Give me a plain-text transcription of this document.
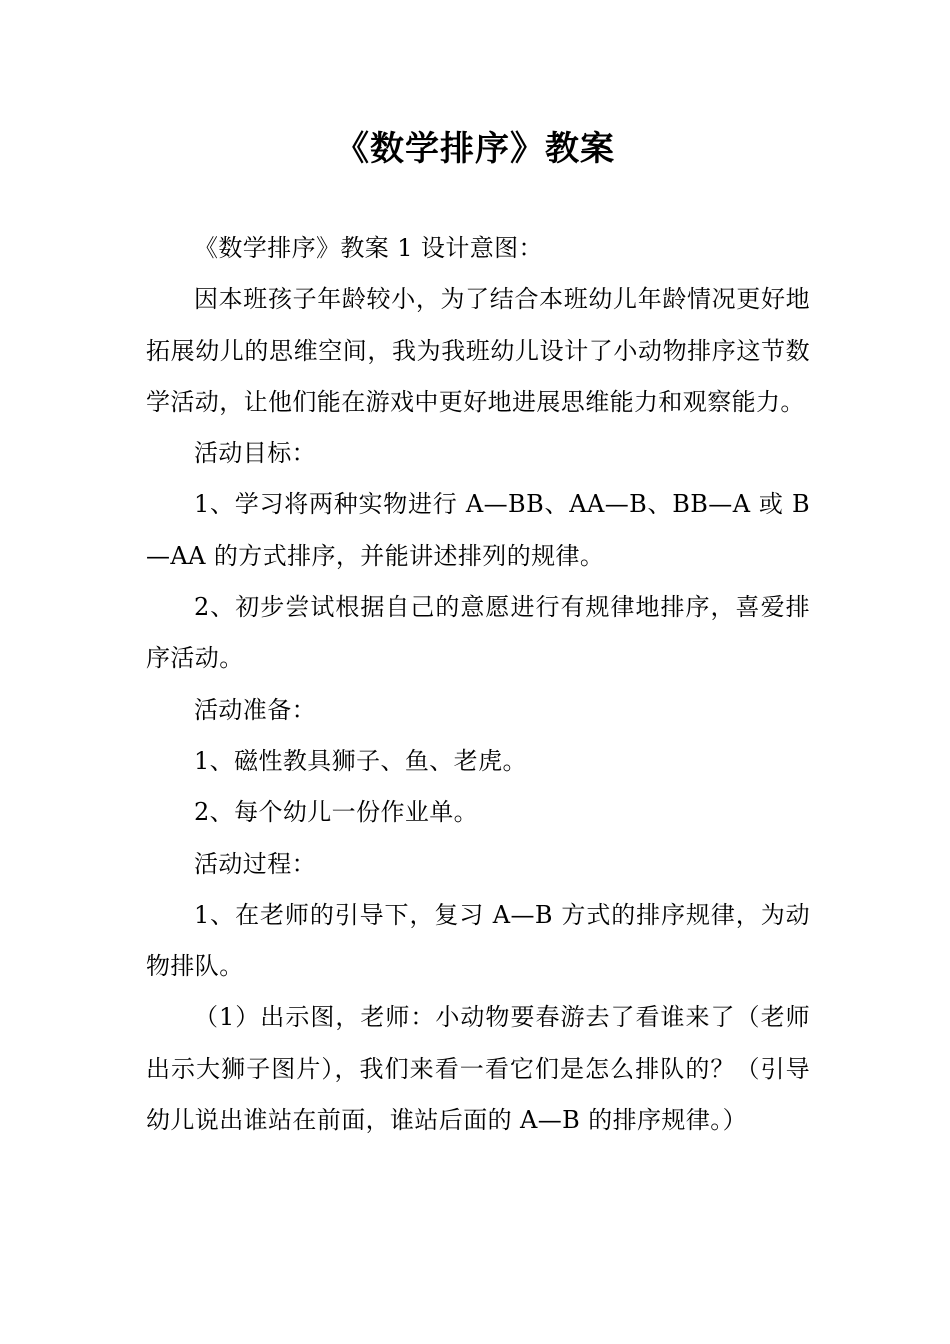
《数学排序》教案

《数学排序》教案 1 设计意图：

因本班孩子年龄较小，为了结合本班幼儿年龄情况更好地拓展幼儿的思维空间，我为我班幼儿设计了小动物排序这节数学活动，让他们能在游戏中更好地进展思维能力和观察能力。

活动目标：

1、学习将两种实物进行 A—BB、AA—B、BB—A 或 B—AA 的方式排序，并能讲述排列的规律。

2、初步尝试根据自己的意愿进行有规律地排序，喜爱排序活动。

活动准备：

1、磁性教具狮子、鱼、老虎。

2、每个幼儿一份作业单。

活动过程：

1、在老师的引导下，复习 A—B 方式的排序规律，为动物排队。

（1）出示图，老师：小动物要春游去了看谁来了（老师出示大狮子图片），我们来看一看它们是怎么排队的？（引导幼儿说出谁站在前面，谁站后面的 A—B 的排序规律。）
